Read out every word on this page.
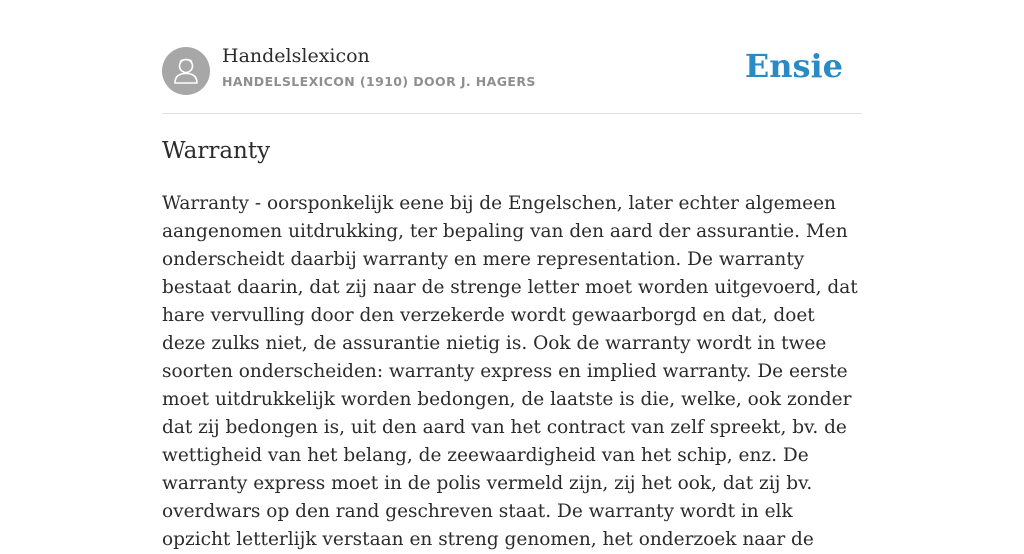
Handelslexicon
HANDELSLEXICON (1910) DOOR J. HAGERS	Ensie
Warranty

Warranty - oorsponkelijk eene bij de Engelschen, later echter algemeen aangenomen uitdrukking, ter bepaling van den aard der assurantie. Men onderscheidt daarbij warranty en mere representation. De warranty bestaat daarin, dat zij naar de strenge letter moet worden uitgevoerd, dat hare vervulling door den verzekerde wordt gewaarborgd en dat, doet deze zulks niet, de assurantie nietig is. Ook de warranty wordt in twee soorten onderscheiden: warranty express en implied warranty. De eerste moet uitdrukkelijk worden bedongen, de laatste is die, welke, ook zonder dat zij bedongen is, uit den aard van het contract van zelf spreekt, bv. de wettigheid van het belang, de zeewaardigheid van het schip, enz. De warranty express moet in de polis vermeld zijn, zij het ook, dat zij bv. overdwars op den rand geschreven staat. De warranty wordt in elk opzicht letterlijk verstaan en streng genomen, het onderzoek naar de
